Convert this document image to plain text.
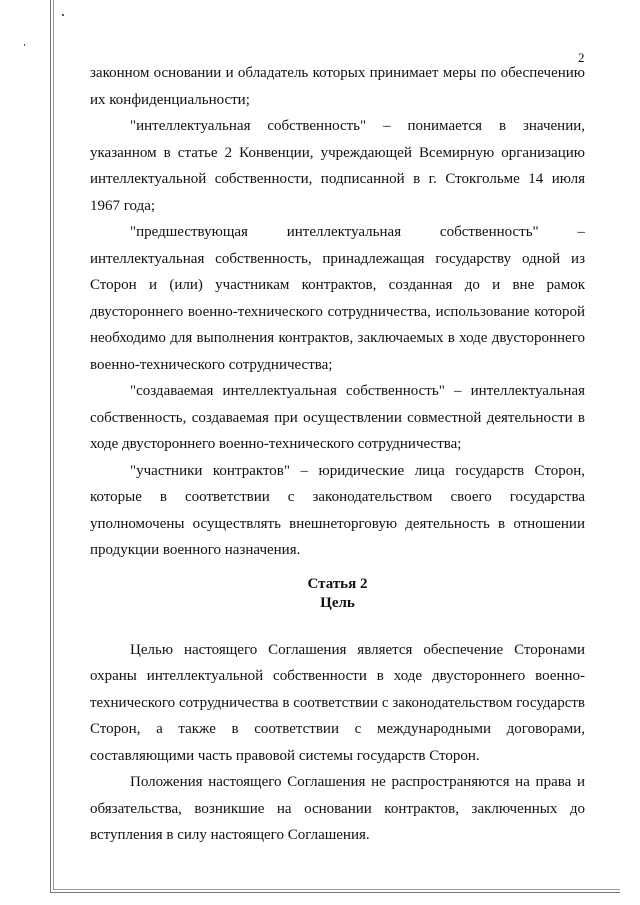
2

законном основании и обладатель которых принимает меры по обеспечению их конфиденциальности;

"интеллектуальная собственность" – понимается в значении, указанном в статье 2 Конвенции, учреждающей Всемирную организацию интеллектуальной собственности, подписанной в г. Стокгольме 14 июля 1967 года;

"предшествующая интеллектуальная собственность" – интеллектуальная собственность, принадлежащая государству одной из Сторон и (или) участникам контрактов, созданная до и вне рамок двустороннего военно-технического сотрудничества, использование которой необходимо для выполнения контрактов, заключаемых в ходе двустороннего военно-технического сотрудничества;

"создаваемая интеллектуальная собственность" – интеллектуальная собственность, создаваемая при осуществлении совместной деятельности в ходе двустороннего военно-технического сотрудничества;

"участники контрактов" – юридические лица государств Сторон, которые в соответствии с законодательством своего государства уполномочены осуществлять внешнеторговую деятельность в отношении продукции военного назначения.

Статья 2
Цель

Целью настоящего Соглашения является обеспечение Сторонами охраны интеллектуальной собственности в ходе двустороннего военно-технического сотрудничества в соответствии с законодательством государств Сторон, а также в соответствии с международными договорами, составляющими часть правовой системы государств Сторон.

Положения настоящего Соглашения не распространяются на права и обязательства, возникшие на основании контрактов, заключенных до вступления в силу настоящего Соглашения.
